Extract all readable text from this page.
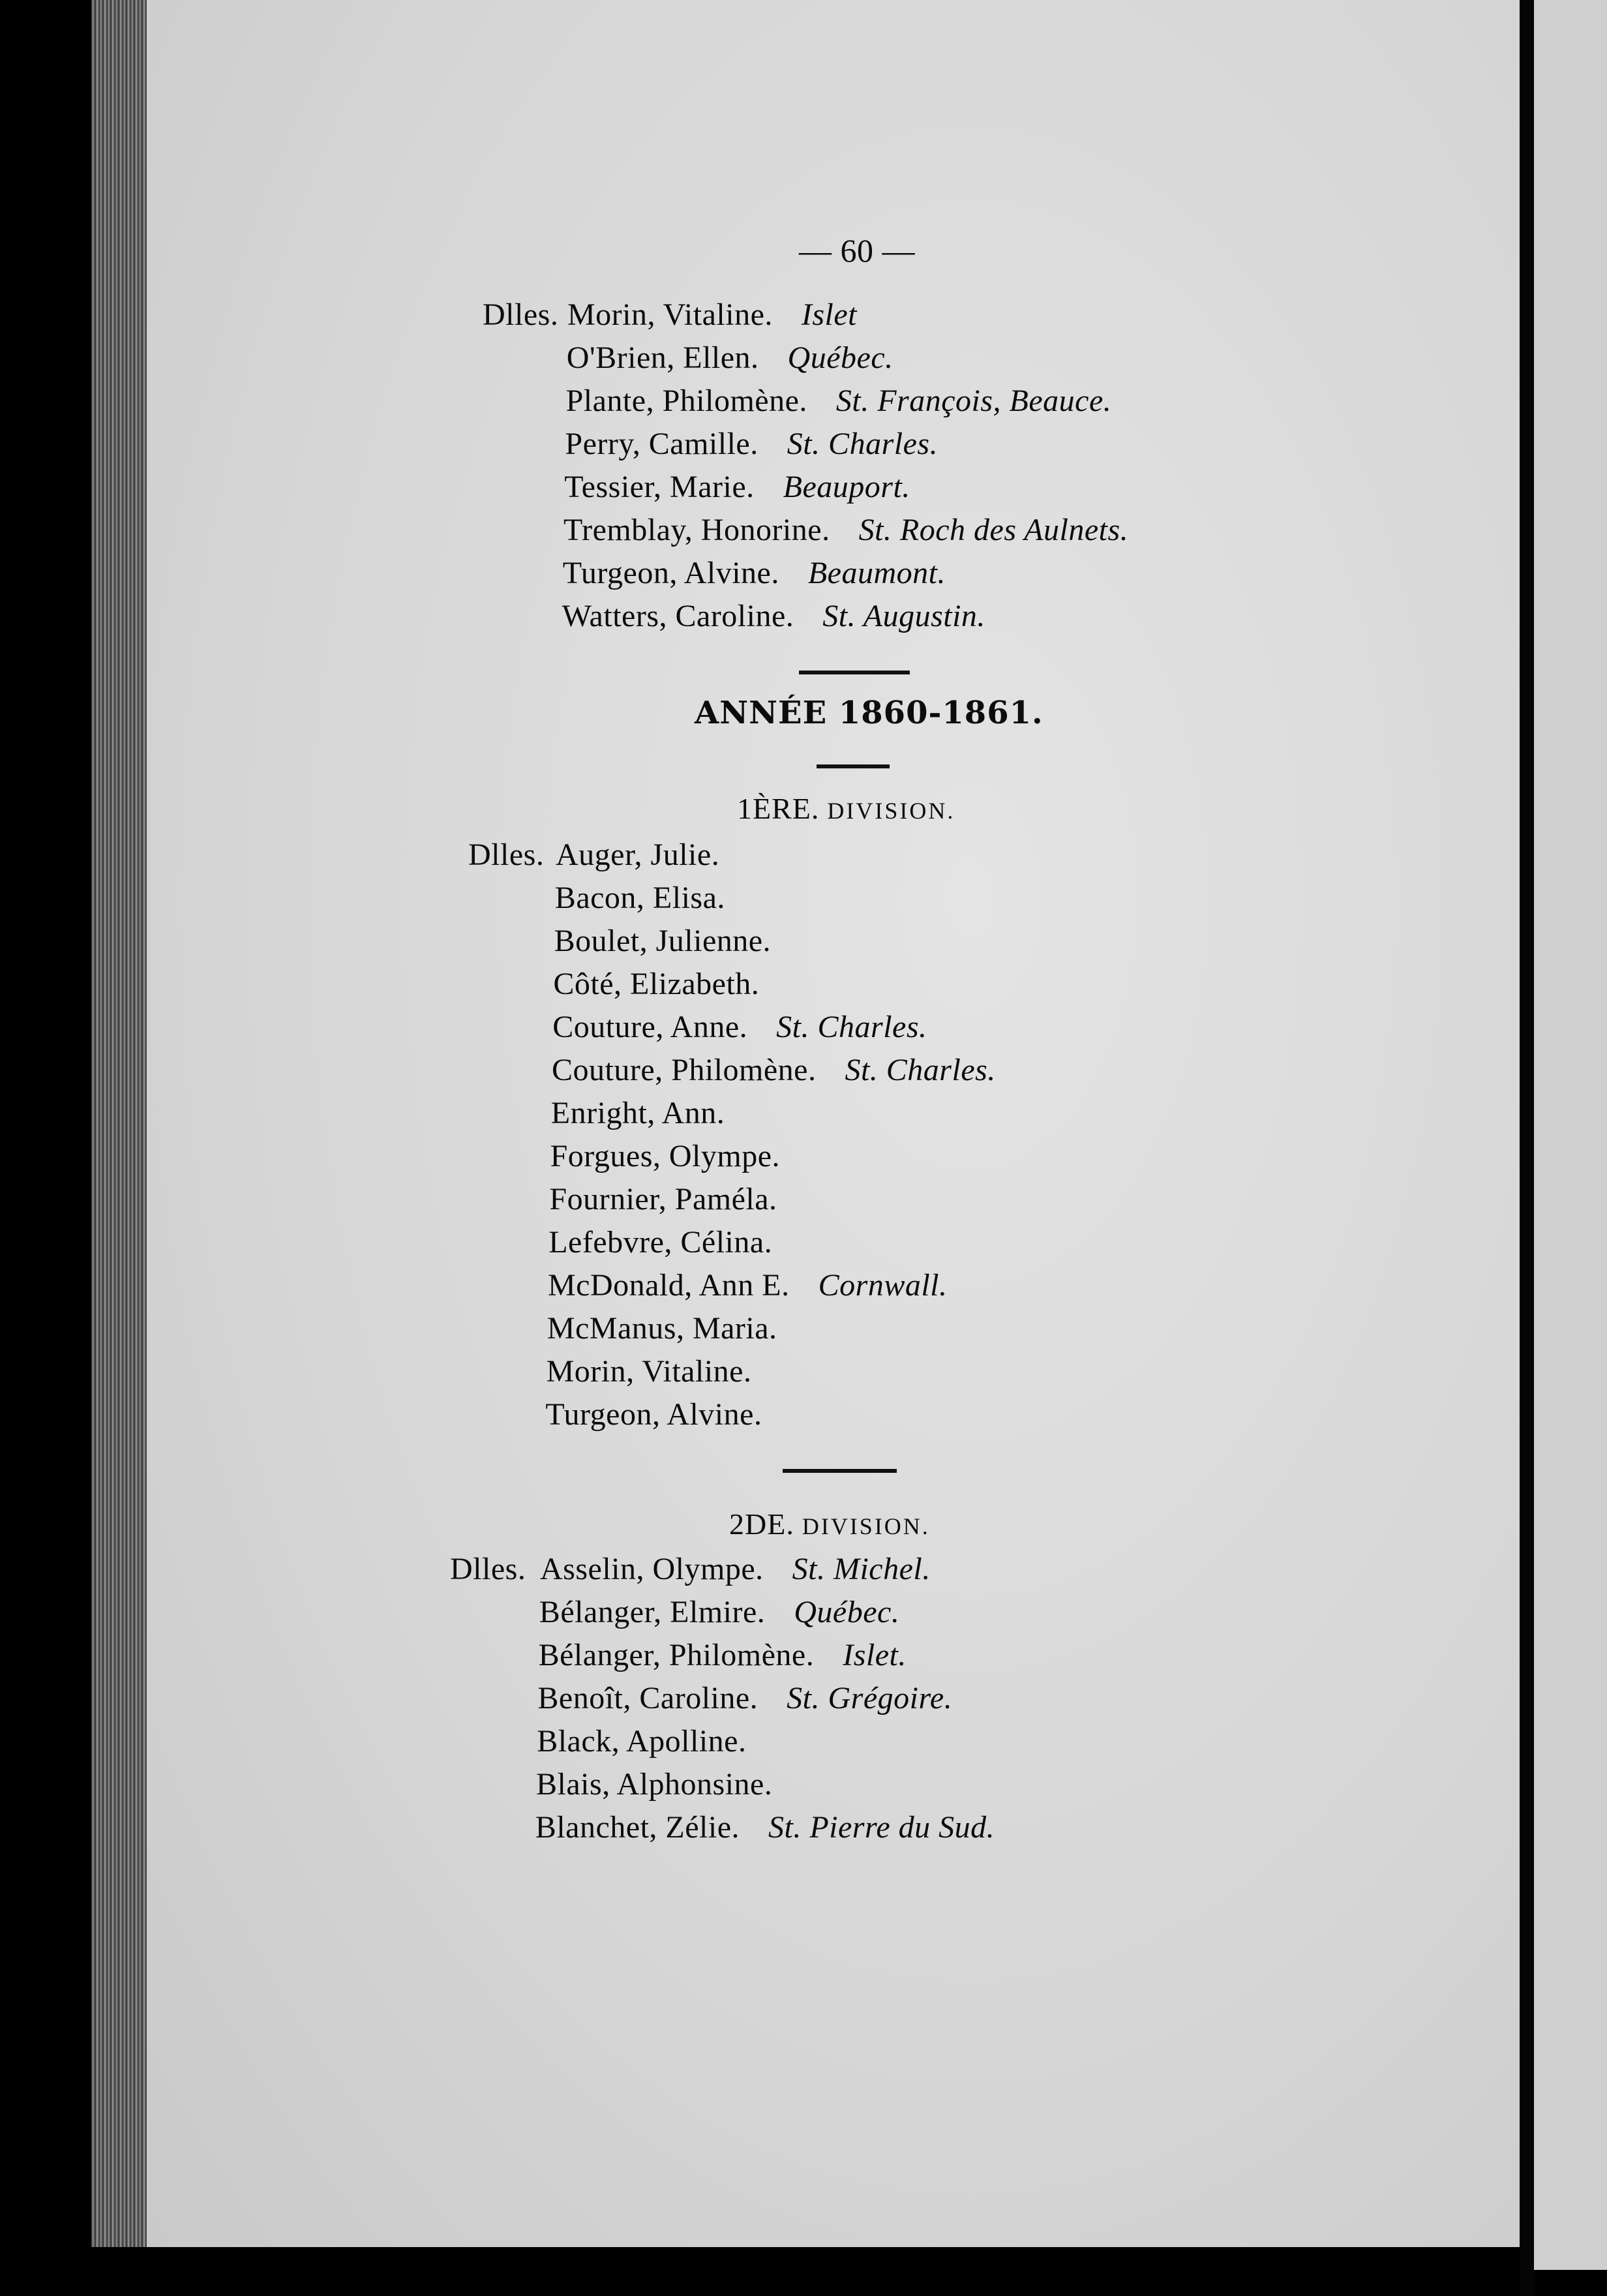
— 60 —
Dlles. Morin, Vitaline. Islet
O'Brien, Ellen. Québec.
Plante, Philomène. St. François, Beauce.
Perry, Camille. St. Charles.
Tessier, Marie. Beauport.
Tremblay, Honorine. St. Roch des Aulnets.
Turgeon, Alvine. Beaumont.
Watters, Caroline. St. Augustin.
ANNÉE 1860-1861.
1ÈRE. DIVISION.
Dlles. Auger, Julie.
Bacon, Elisa.
Boulet, Julienne.
Côté, Elizabeth.
Couture, Anne. St. Charles.
Couture, Philomène. St. Charles.
Enright, Ann.
Forgues, Olympe.
Fournier, Paméla.
Lefebvre, Célina.
McDonald, Ann E. Cornwall.
McManus, Maria.
Morin, Vitaline.
Turgeon, Alvine.
2DE. DIVISION.
Dlles. Asselin, Olympe. St. Michel.
Bélanger, Elmire. Québec.
Bélanger, Philomène. Islet.
Benoît, Caroline. St. Grégoire.
Black, Apolline.
Blais, Alphonsine.
Blanchet, Zélie. St. Pierre du Sud.
